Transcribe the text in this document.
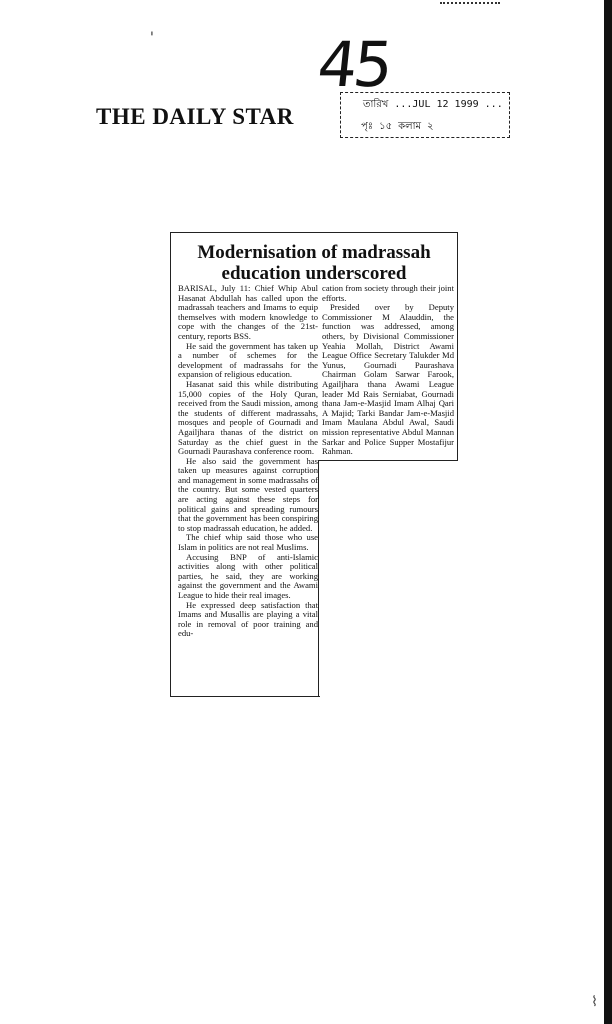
45
THE DAILY STAR	তারিখ ...JUL 12 1999 ...
পৃঃ ১৫ কলাম ২
Modernisation of madrassah education underscored

BARISAL, July 11: Chief Whip Abul Hasanat Abdullah has called upon the madrassah teachers and Imams to equip themselves with modern knowledge to cope with the changes of the 21st-century, reports BSS.

He said the government has taken up a number of schemes for the development of madrassahs for the expansion of religious education.

Hasanat said this while distributing 15,000 copies of the Holy Quran, received from the Saudi mission, among the students of different madrassahs, mosques and people of Gournadi and Agailjhara thanas of the district on Saturday as the chief guest in the Gournadi Paurashava conference room.

He also said the government has taken up measures against corruption and management in some madrassahs of the country. But some vested quarters are acting against these steps for political gains and spreading rumours that the government has been conspiring to stop madrassah education, he added.

The chief whip said those who use Islam in politics are not real Muslims.

Accusing BNP of anti-Islamic activities along with other political parties, he said, they are working against the government and the Awami League to hide their real images.

He expressed deep satisfaction that Imams and Musallis are playing a vital role in removal of poor training and edu-

cation from society through their joint efforts.

Presided over by Deputy Commissioner M Alauddin, the function was addressed, among others, by Divisional Commissioner Yeahia Mollah, District Awami League Office Secretary Talukder Md Yunus, Gournadi Paurashava Chairman Golam Sarwar Farook, Agailjhara thana Awami League leader Md Rais Serniabat, Gournadi thana Jam-e-Masjid Imam Alhaj Qari A Majid; Tarki Bandar Jam-e-Masjid Imam Maulana Abdul Awal, Saudi mission representative Abdul Mannan Sarkar and Police Supper Mostafijur Rahman.

'
⌇
